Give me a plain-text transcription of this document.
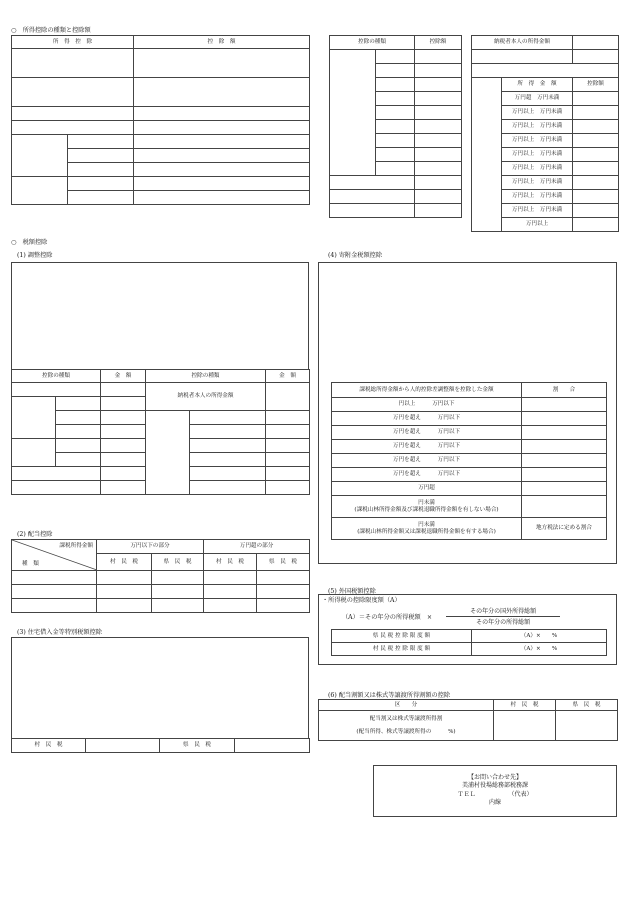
○　所得控除の種類と控除額
所　得　控　除		控　除　額

		控除の種類		控除額

		納税者本人の所得金額		

	所　得　金　額	控除額
	万円超　万円未満	
	万円以上　万円未満	
	万円以上　万円未満	
	万円以上　万円未満	
	万円以上　万円未満	
	万円以上　万円未満	
	万円以上　万円未満	
	万円以上　万円未満	
	万円以上　万円未満	
	万円以上	
○　税額控除
(1) 調整控除
控除の種類		金　額	控除の種類		金　額
			納税者本人の所得金額		

(2) 配当控除
課税所得金額
種　類	万円以下の部分		万円超の部分	
	村　民　税	県　民　税	村　民　税	県　民　税

(3) 住宅借入金等特別税額控除
村　民　税		県　民　税	
(4) 寄附金税額控除
課税総所得金額から人的控除差調整額を控除した金額	割　　合
円以上　　　万円以下	
万円を超え　　　万円以下	
万円を超え　　　万円以下	
万円を超え　　　万円以下	
万円を超え　　　万円以下	
万円を超え　　　万円以下	
万円超	

円未満
(課税山林所得金額及び課税退職所得金額を有しない場合)	

円未満
(課税山林所得金額又は課税退職所得金額を有する場合)	地方税法に定める割合
(5) 外国税額控除
・所得税の控除限度額（A）
（A）＝その年分の所得税額　× $\frac{\text{その年分の国外所得総額}}{\text{その年分の所得総額}}$
県 民 税 控 除 限 度 額	（A）×　　%
村 民 税 控 除 限 度 額	（A）×　　%
(6) 配当割額又は株式等譲渡所得割額の控除
区　　分	村　民　税	県　民　税

配当割又は株式等譲渡所得割
(配当所得、株式等譲渡所得の　　　%)		

【お問い合わせ先】
美浦村役場総務部税務課
ＴＥＬ　　　　　　（代表）
内線
